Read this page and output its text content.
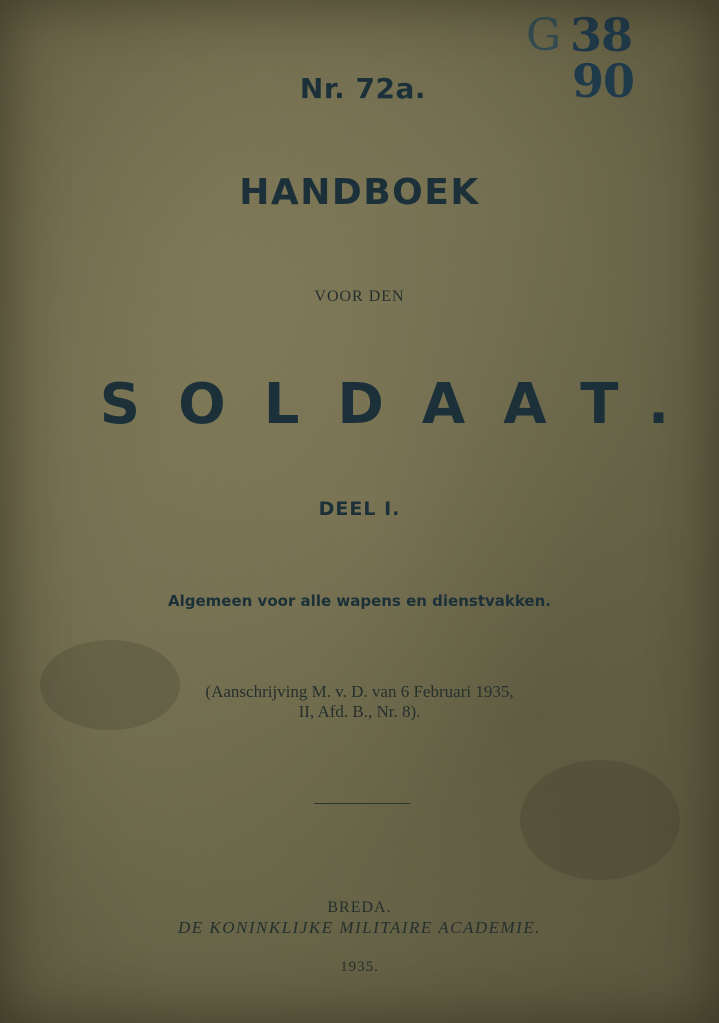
G 38
90
Nr. 72a.
HANDBOEK
VOOR DEN
SOLDAAT.
DEEL I.
Algemeen voor alle wapens en dienstvakken.
(Aanschrijving M. v. D. van 6 Februari 1935,
II, Afd. B., Nr. 8).
BREDA.
DE KONINKLIJKE MILITAIRE ACADEMIE.
1935.
